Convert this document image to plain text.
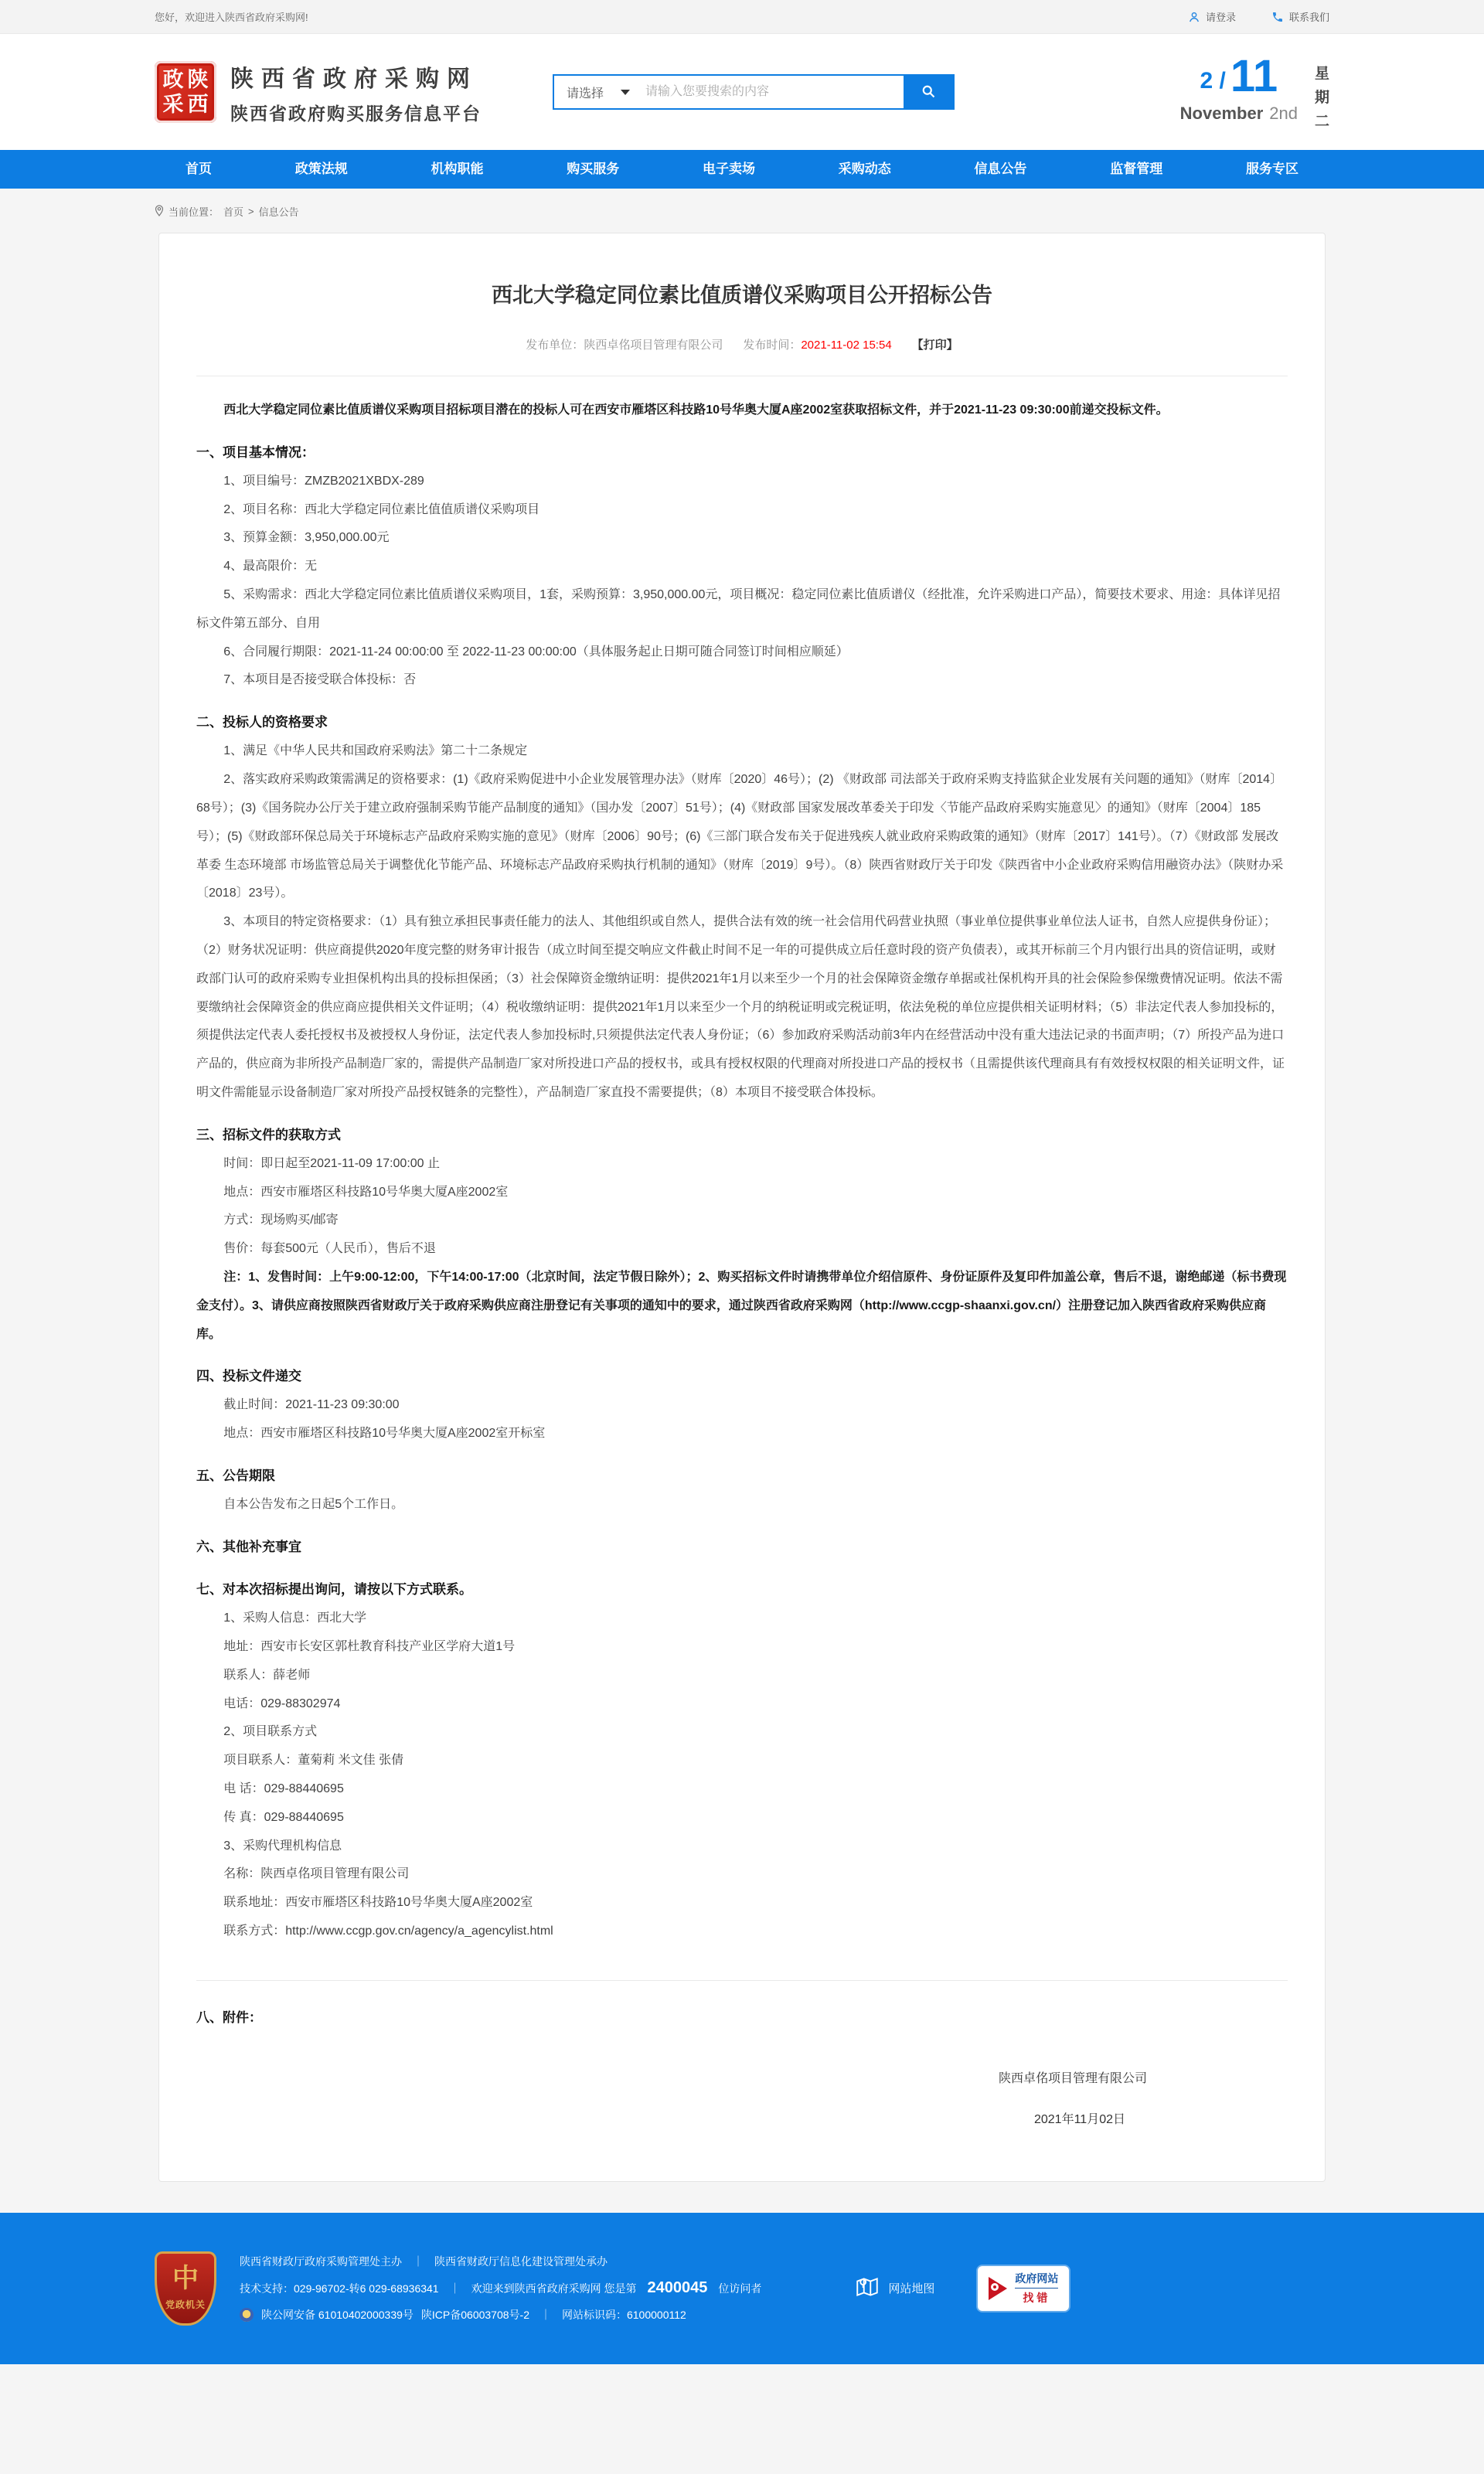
您好，欢迎进入陕西省政府采购网!	请登录	联系我们
政 陕
采 西
陕西省政府采购网
陕西省政府购买服务信息平台
请选择
请输入您要搜索的内容
2 / 11
November 2nd
星
期
二
首页	政策法规	机构职能	购买服务	电子卖场	采购动态	信息公告	监督管理	服务专区
当前位置： 首页 > 信息公告
西北大学稳定同位素比值质谱仪采购项目公开招标公告
发布单位：陕西卓佲项目管理有限公司 发布时间：2021-11-02 15:54 【打印】

西北大学稳定同位素比值质谱仪采购项目招标项目潜在的投标人可在西安市雁塔区科技路10号华奥大厦A座2002室获取招标文件，并于2021-11-23 09:30:00前递交投标文件。

一、项目基本情况：

1、项目编号：ZMZB2021XBDX-289

2、项目名称：西北大学稳定同位素比值值质谱仪采购项目

3、预算金额：3,950,000.00元

4、最高限价：无

5、采购需求：西北大学稳定同位素比值质谱仪采购项目，1套，采购预算：3,950,000.00元，项目概况：稳定同位素比值质谱仪（经批准，允许采购进口产品），简要技术要求、用途：具体详见招标文件第五部分、自用

6、合同履行期限：2021-11-24 00:00:00 至 2022-11-23 00:00:00（具体服务起止日期可随合同签订时间相应顺延）

7、本项目是否接受联合体投标：否

二、投标人的资格要求

1、满足《中华人民共和国政府采购法》第二十二条规定

2、落实政府采购政策需满足的资格要求：(1)《政府采购促进中小企业发展管理办法》（财库〔2020〕46号）；(2) 《财政部 司法部关于政府采购支持监狱企业发展有关问题的通知》（财库〔2014〕68号）；(3)《国务院办公厅关于建立政府强制采购节能产品制度的通知》（国办发〔2007〕51号）；(4)《财政部 国家发展改革委关于印发〈节能产品政府采购实施意见〉的通知》（财库〔2004〕185号）；(5)《财政部环保总局关于环境标志产品政府采购实施的意见》（财库〔2006〕90号；(6)《三部门联合发布关于促进残疾人就业政府采购政策的通知》（财库〔2017〕141号）。（7）《财政部 发展改革委 生态环境部 市场监管总局关于调整优化节能产品、环境标志产品政府采购执行机制的通知》（财库〔2019〕9号）。（8）陕西省财政厅关于印发《陕西省中小企业政府采购信用融资办法》（陕财办采〔2018〕23号）。

3、本项目的特定资格要求：（1）具有独立承担民事责任能力的法人、其他组织或自然人，提供合法有效的统一社会信用代码营业执照（事业单位提供事业单位法人证书，自然人应提供身份证）；（2）财务状况证明：供应商提供2020年度完整的财务审计报告（成立时间至提交响应文件截止时间不足一年的可提供成立后任意时段的资产负债表），或其开标前三个月内银行出具的资信证明，或财政部门认可的政府采购专业担保机构出具的投标担保函；（3）社会保障资金缴纳证明：提供2021年1月以来至少一个月的社会保障资金缴存单据或社保机构开具的社会保险参保缴费情况证明。依法不需要缴纳社会保障资金的供应商应提供相关文件证明；（4）税收缴纳证明：提供2021年1月以来至少一个月的纳税证明或完税证明，依法免税的单位应提供相关证明材料；（5）非法定代表人参加投标的，须提供法定代表人委托授权书及被授权人身份证，法定代表人参加投标时,只须提供法定代表人身份证；（6）参加政府采购活动前3年内在经营活动中没有重大违法记录的书面声明；（7）所投产品为进口产品的，供应商为非所投产品制造厂家的，需提供产品制造厂家对所投进口产品的授权书，或具有授权权限的代理商对所投进口产品的授权书（且需提供该代理商具有有效授权权限的相关证明文件，证明文件需能显示设备制造厂家对所投产品授权链条的完整性），产品制造厂家直投不需要提供；（8）本项目不接受联合体投标。

三、招标文件的获取方式

时间：即日起至2021-11-09 17:00:00 止

地点：西安市雁塔区科技路10号华奥大厦A座2002室

方式：现场购买/邮寄

售价：每套500元（人民币），售后不退

注：1、发售时间：上午9:00-12:00，下午14:00-17:00（北京时间，法定节假日除外）；2、购买招标文件时请携带单位介绍信原件、身份证原件及复印件加盖公章，售后不退，谢绝邮递（标书费现金支付）。3、请供应商按照陕西省财政厅关于政府采购供应商注册登记有关事项的通知中的要求，通过陕西省政府采购网（http://www.ccgp-shaanxi.gov.cn/）注册登记加入陕西省政府采购供应商库。

四、投标文件递交

截止时间：2021-11-23 09:30:00

地点：西安市雁塔区科技路10号华奥大厦A座2002室开标室

五、公告期限

自本公告发布之日起5个工作日。

六、其他补充事宜

七、对本次招标提出询问，请按以下方式联系。

1、采购人信息：西北大学

地址：西安市长安区郭杜教育科技产业区学府大道1号

联系人：薛老师

电话：029-88302974

2、项目联系方式

项目联系人：董菊莉 米文佳 张倩

电 话：029-88440695

传 真：029-88440695

3、采购代理机构信息

名称：陕西卓佲项目管理有限公司

联系地址：西安市雁塔区科技路10号华奥大厦A座2002室

联系方式：http://www.ccgp.gov.cn/agency/a_agencylist.html

八、附件：

陕西卓佲项目管理有限公司
2021年11月02日
中
党政机关
陕西省财政厅政府采购管理处主办 ｜ 陕西省财政厅信息化建设管理处承办
技术支持：029-96702-转6 029-68936341 ｜ 欢迎来到陕西省政府采购网 您是第 2400045 位访问者
陕公网安备 61010402000339号 陕ICP备06003708号-2 ｜ 网站标识码：6100000112
网站地图
政府网站
找错
